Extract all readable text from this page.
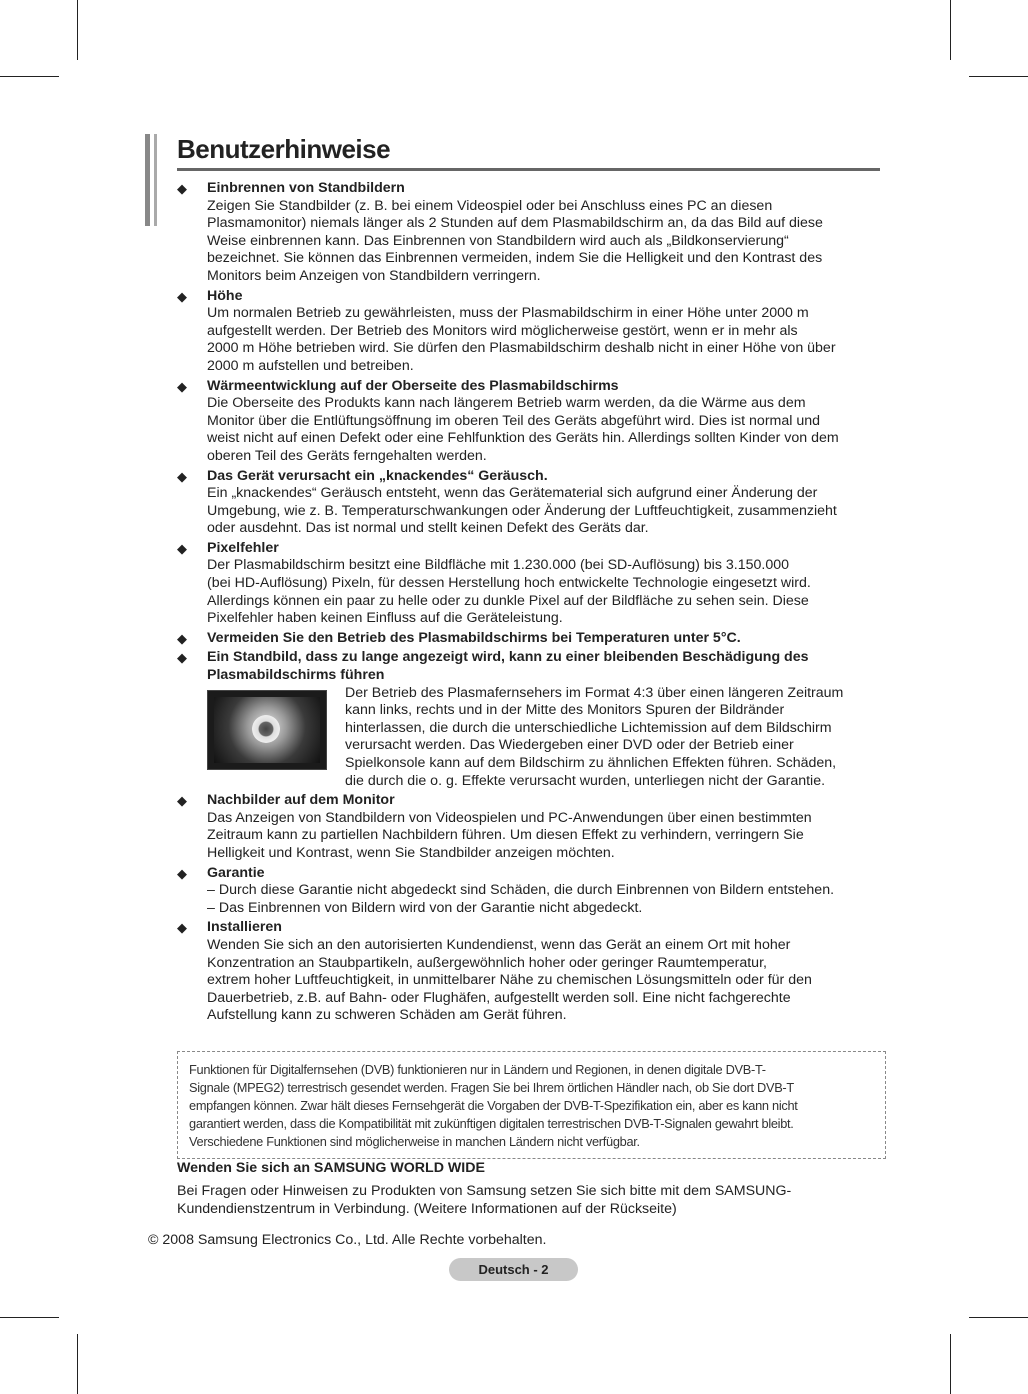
Benutzerhinweise
◆ Einbrennen von Standbildern
Zeigen Sie Standbilder (z. B. bei einem Videospiel oder bei Anschluss eines PC an diesen
Plasmamonitor) niemals länger als 2 Stunden auf dem Plasmabildschirm an, da das Bild auf diese
Weise einbrennen kann. Das Einbrennen von Standbildern wird auch als „Bildkonservierung“
bezeichnet. Sie können das Einbrennen vermeiden, indem Sie die Helligkeit und den Kontrast des
Monitors beim Anzeigen von Standbildern verringern.
◆ Höhe
Um normalen Betrieb zu gewährleisten, muss der Plasmabildschirm in einer Höhe unter 2000 m
aufgestellt werden. Der Betrieb des Monitors wird möglicherweise gestört, wenn er in mehr als
2000 m Höhe betrieben wird. Sie dürfen den Plasmabildschirm deshalb nicht in einer Höhe von über
2000 m aufstellen und betreiben.
◆ Wärmeentwicklung auf der Oberseite des Plasmabildschirms
Die Oberseite des Produkts kann nach längerem Betrieb warm werden, da die Wärme aus dem
Monitor über die Entlüftungsöffnung im oberen Teil des Geräts abgeführt wird. Dies ist normal und
weist nicht auf einen Defekt oder eine Fehlfunktion des Geräts hin. Allerdings sollten Kinder von dem
oberen Teil des Geräts ferngehalten werden.
◆ Das Gerät verursacht ein „knackendes“ Geräusch.
Ein „knackendes“ Geräusch entsteht, wenn das Gerätematerial sich aufgrund einer Änderung der
Umgebung, wie z. B. Temperaturschwankungen oder Änderung der Luftfeuchtigkeit, zusammenzieht
oder ausdehnt. Das ist normal und stellt keinen Defekt des Geräts dar.
◆ Pixelfehler
Der Plasmabildschirm besitzt eine Bildfläche mit 1.230.000 (bei SD-Auflösung) bis 3.150.000
(bei HD-Auflösung) Pixeln, für dessen Herstellung hoch entwickelte Technologie eingesetzt wird.
Allerdings können ein paar zu helle oder zu dunkle Pixel auf der Bildfläche zu sehen sein. Diese
Pixelfehler haben keinen Einfluss auf die Geräteleistung.
◆ Vermeiden Sie den Betrieb des Plasmabildschirms bei Temperaturen unter 5°C.
◆ Ein Standbild, dass zu lange angezeigt wird, kann zu einer bleibenden Beschädigung des
Plasmabildschirms führen
Der Betrieb des Plasmafernsehers im Format 4:3 über einen längeren Zeitraum
kann links, rechts und in der Mitte des Monitors Spuren der Bildränder
hinterlassen, die durch die unterschiedliche Lichtemission auf dem Bildschirm
verursacht werden. Das Wiedergeben einer DVD oder der Betrieb einer
Spielkonsole kann auf dem Bildschirm zu ähnlichen Effekten führen. Schäden,
die durch die o. g. Effekte verursacht wurden, unterliegen nicht der Garantie.
◆ Nachbilder auf dem Monitor
Das Anzeigen von Standbildern von Videospielen und PC-Anwendungen über einen bestimmten
Zeitraum kann zu partiellen Nachbildern führen. Um diesen Effekt zu verhindern, verringern Sie
Helligkeit und Kontrast, wenn Sie Standbilder anzeigen möchten.
◆ Garantie
– Durch diese Garantie nicht abgedeckt sind Schäden, die durch Einbrennen von Bildern entstehen.
– Das Einbrennen von Bildern wird von der Garantie nicht abgedeckt.
◆ Installieren
Wenden Sie sich an den autorisierten Kundendienst, wenn das Gerät an einem Ort mit hoher
Konzentration an Staubpartikeln, außergewöhnlich hoher oder geringer Raumtemperatur,
extrem hoher Luftfeuchtigkeit, in unmittelbarer Nähe zu chemischen Lösungsmitteln oder für den
Dauerbetrieb, z.B. auf Bahn- oder Flughäfen, aufgestellt werden soll. Eine nicht fachgerechte
Aufstellung kann zu schweren Schäden am Gerät führen.
Funktionen für Digitalfernsehen (DVB) funktionieren nur in Ländern und Regionen, in denen digitale DVB-T-
Signale (MPEG2) terrestrisch gesendet werden. Fragen Sie bei Ihrem örtlichen Händler nach, ob Sie dort DVB-T
empfangen können. Zwar hält dieses Fernsehgerät die Vorgaben der DVB-T-Spezifikation ein, aber es kann nicht
garantiert werden, dass die Kompatibilität mit zukünftigen digitalen terrestrischen DVB-T-Signalen gewahrt bleibt.
Verschiedene Funktionen sind möglicherweise in manchen Ländern nicht verfügbar.
Wenden Sie sich an SAMSUNG WORLD WIDE
Bei Fragen oder Hinweisen zu Produkten von Samsung setzen Sie sich bitte mit dem SAMSUNG-
Kundendienstzentrum in Verbindung. (Weitere Informationen auf der Rückseite)
© 2008 Samsung Electronics Co., Ltd. Alle Rechte vorbehalten.
Deutsch - 2
